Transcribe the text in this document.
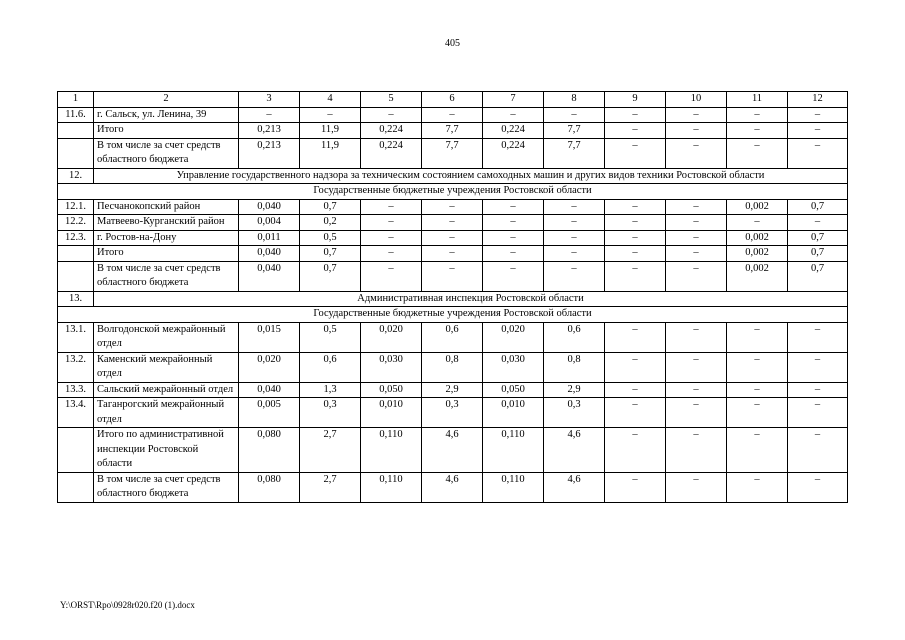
405
1	2	3	4	5	6	7	8	9	10	11	12
11.6.	г. Сальск, ул. Ленина, 39	–	–	–	–	–	–	–	–	–	–
	Итого	0,213	11,9	0,224	7,7	0,224	7,7	–	–	–	–
	В том числе за счет средств областного бюджета	0,213	11,9	0,224	7,7	0,224	7,7	–	–	–	–
12.	Управление государственного надзора за техническим состоянием самоходных машин и других видов техники Ростовской области										
Государственные бюджетные учреждения Ростовской области											
12.1.	Песчанокопский район	0,040	0,7	–	–	–	–	–	–	0,002	0,7
12.2.	Матвеево-Курганский район	0,004	0,2	–	–	–	–	–	–	–	–
12.3.	г. Ростов-на-Дону	0,011	0,5	–	–	–	–	–	–	0,002	0,7
	Итого	0,040	0,7	–	–	–	–	–	–	0,002	0,7
	В том числе за счет средств областного бюджета	0,040	0,7	–	–	–	–	–	–	0,002	0,7
13.	Административная инспекция Ростовской области										
Государственные бюджетные учреждения Ростовской области											
13.1.	Волгодонской межрайонный отдел	0,015	0,5	0,020	0,6	0,020	0,6	–	–	–	–
13.2.	Каменский межрайонный отдел	0,020	0,6	0,030	0,8	0,030	0,8	–	–	–	–
13.3.	Сальский межрайонный отдел	0,040	1,3	0,050	2,9	0,050	2,9	–	–	–	–
13.4.	Таганрогский межрайонный отдел	0,005	0,3	0,010	0,3	0,010	0,3	–	–	–	–
	Итого по административной инспекции Ростовской области	0,080	2,7	0,110	4,6	0,110	4,6	–	–	–	–
	В том числе за счет средств областного бюджета	0,080	2,7	0,110	4,6	0,110	4,6	–	–	–	–
Y:\ORST\Rpo\0928r020.f20 (1).docx
